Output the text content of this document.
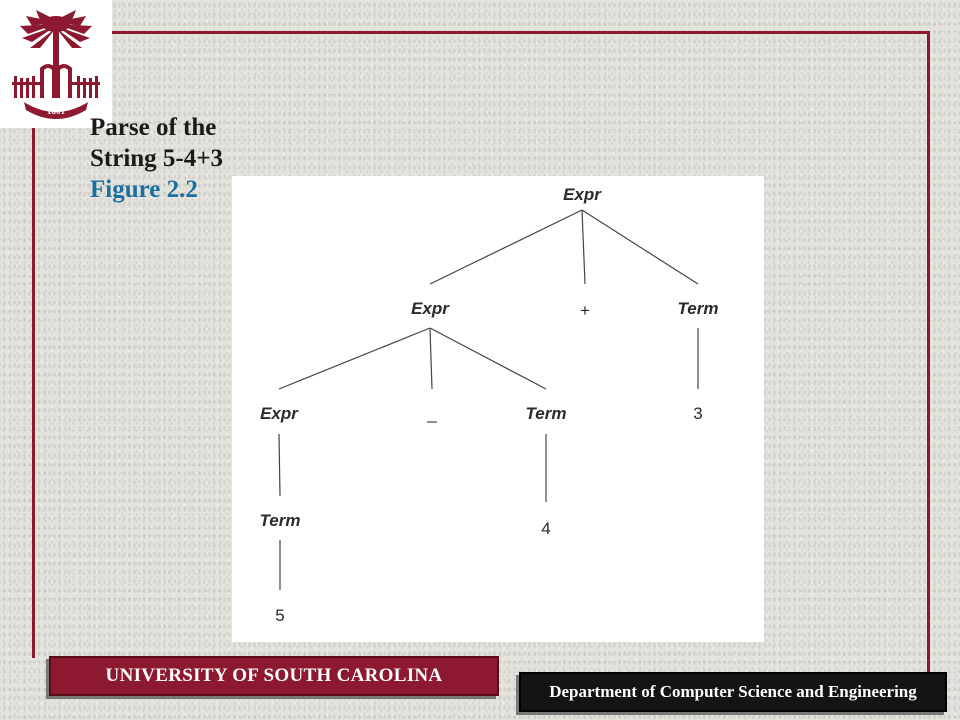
1801
Parse of the
String 5-4+3
Figure 2.2	Expr
Expr	+	Term
Expr	_	Term	3
Term	4
5
UNIVERSITY OF SOUTH CAROLINA
Department of Computer Science and Engineering
